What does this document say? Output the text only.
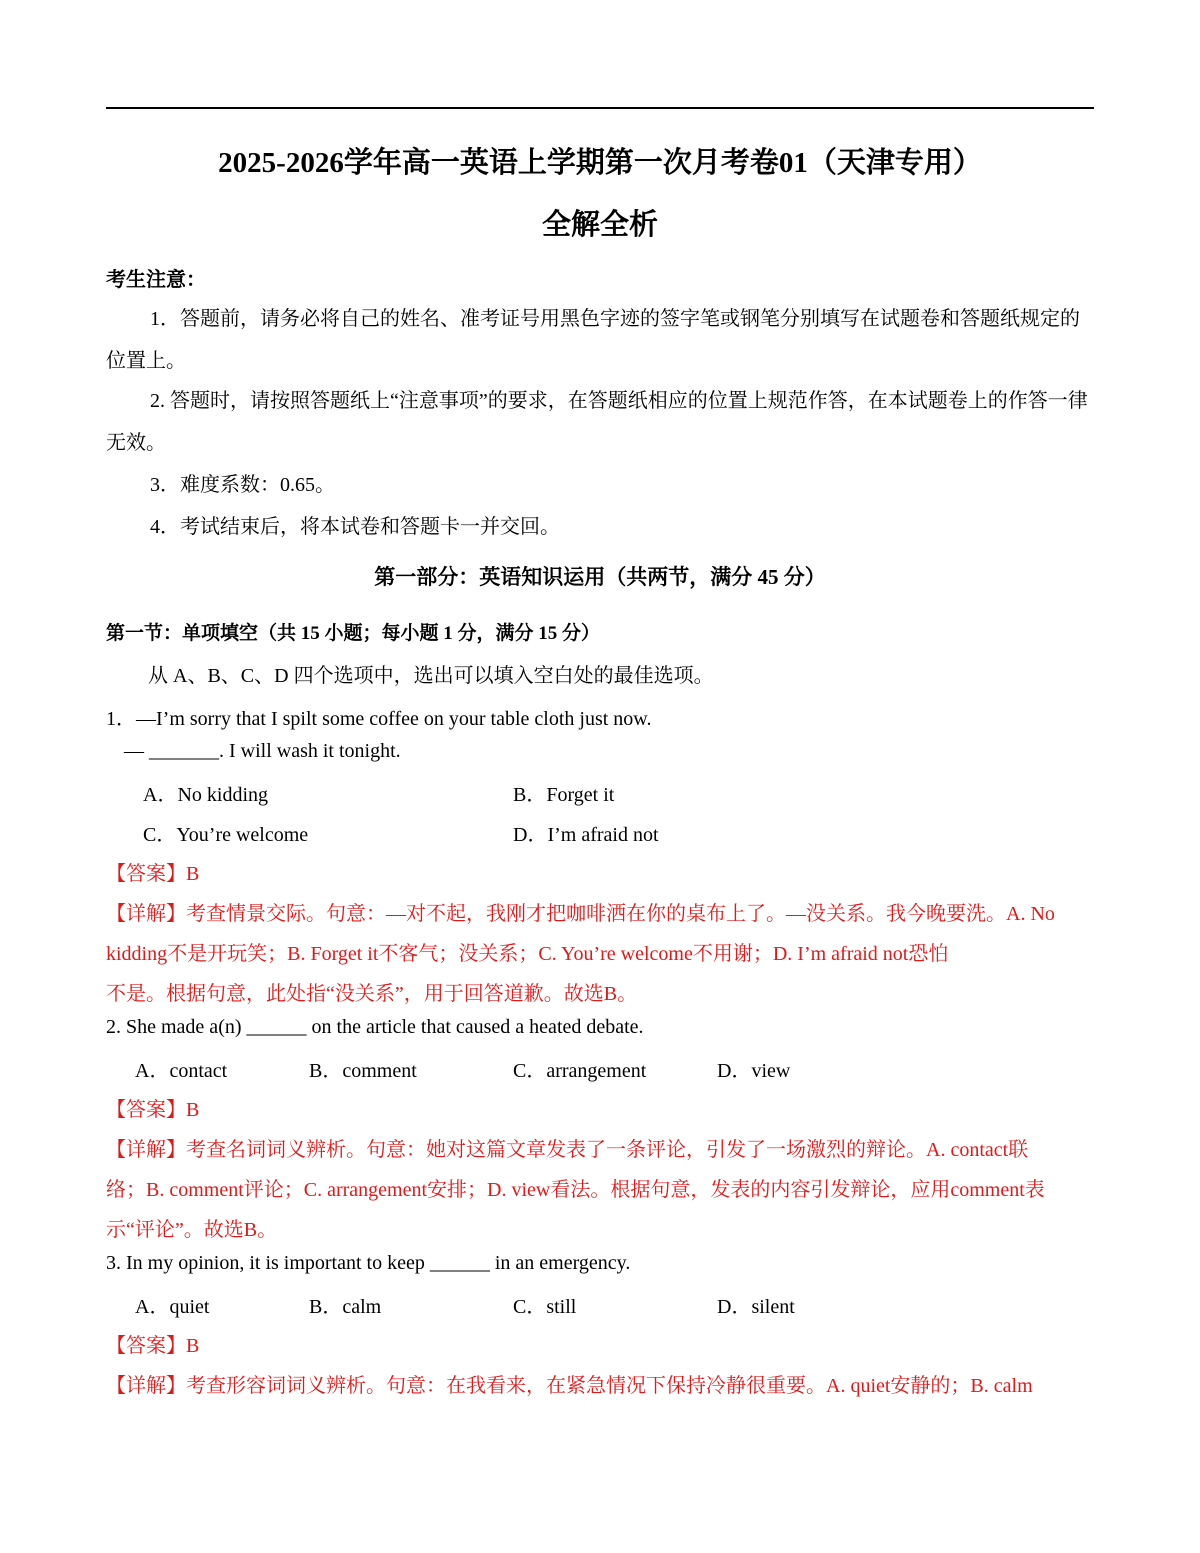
2025-2026学年高一英语上学期第一次月考卷01（天津专用）
全解全析
考生注意：
1．答题前，请务必将自己的姓名、准考证号用黑色字迹的签字笔或钢笔分别填写在试题卷和答题纸规定的位置上。
2. 答题时，请按照答题纸上“注意事项”的要求，在答题纸相应的位置上规范作答，在本试题卷上的作答一律无效。
3．难度系数：0.65。
4．考试结束后，将本试卷和答题卡一并交回。
第一部分：英语知识运用（共两节，满分 45 分）
第一节：单项填空（共 15 小题；每小题 1 分，满分 15 分）
从 A、B、C、D 四个选项中，选出可以填入空白处的最佳选项。
1．—I’m sorry that I spilt some coffee on your table cloth just now.
— _______. I will wash it tonight.
A．No kidding	B．Forget it
C．You’re welcome	D．I’m afraid not
【答案】B
【详解】 考查情景交际。句意：—对不起，我刚才把咖啡洒在你的桌布上了。—没关系。我今晚要洗。A. No
kidding不是开玩笑；B. Forget it不客气；没关系；C. You’re welcome不用谢；D. I’m afraid not恐怕
不是。根据句意，此处指“没关系”，用于回答道歉。故选B。
2. She made a(n) ______ on the article that caused a heated debate.
A．contact	B．comment	C．arrangement	D．view
【答案】B
【详解】 考查名词词义辨析。句意：她对这篇文章发表了一条评论，引发了一场激烈的辩论。A. contact联
络；B. comment评论；C. arrangement安排；D. view看法。根据句意，发表的内容引发辩论，应用comment表
示“评论”。故选B。
3. In my opinion, it is important to keep ______ in an emergency.
A．quiet	B．calm	C．still	D．silent
【答案】B
【详解】 考查形容词词义辨析。句意：在我看来，在紧急情况下保持冷静很重要。A. quiet安静的；B. calm
